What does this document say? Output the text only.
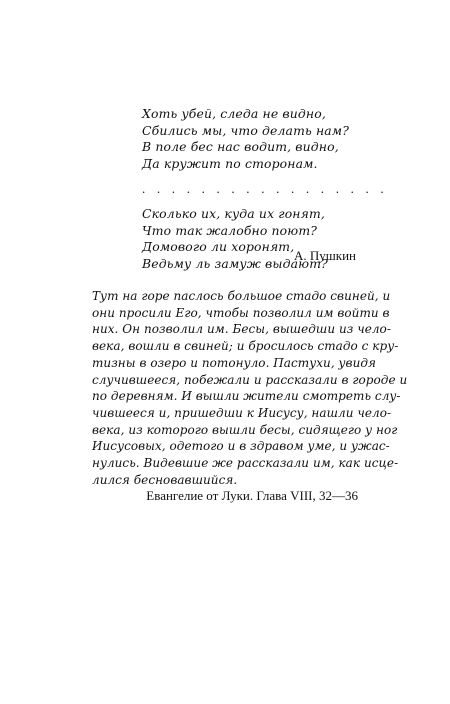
Хоть убей, следа не видно,
Сбились мы, что делать нам?
В поле бес нас водит, видно,
Да кружит по сторонам.
. . . . . . . . . . . . . . . . .
Сколько их, куда их гонят,
Что так жалобно поют?
Домового ли хоронят,
Ведьму ль замуж выдают?
А. Пушкин
Тут на горе паслось большое стадо свиней, и
они просили Его, чтобы позволил им войти в
них. Он позволил им. Бесы, вышедши из чело-
века, вошли в свиней; и бросилось стадо с кру-
тизны в озеро и потонуло. Пастухи, увидя
случившееся, побежали и рассказали в городе и
по деревням. И вышли жители смотреть слу-
чившееся и, пришедши к Иисусу, нашли чело-
века, из которого вышли бесы, сидящего у ног
Иисусовых, одетого и в здравом уме, и ужас-
нулись. Видевшие же рассказали им, как исце-
лился бесновавшийся.
Евангелие от Луки. Глава VIII, 32—36
